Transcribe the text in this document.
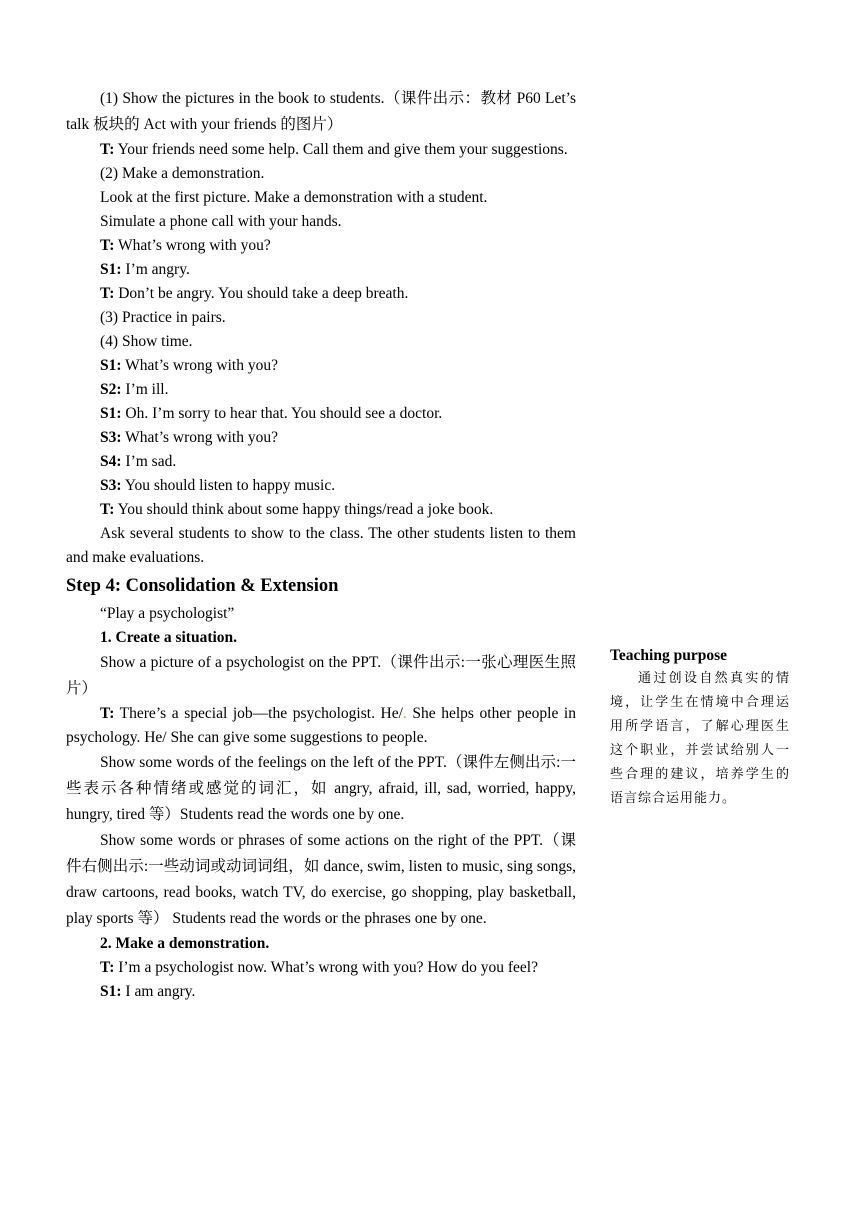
(1) Show the pictures in the book to students.（课件出示：教材 P60 Let’s talk 板块的 Act with your friends 的图片）

T: Your friends need some help. Call them and give them your suggestions.

(2) Make a demonstration.

Look at the first picture. Make a demonstration with a student.

Simulate a phone call with your hands.

T: What’s wrong with you?

S1: I’m angry.

T: Don’t be angry. You should take a deep breath.

(3) Practice in pairs.

(4) Show time.

S1: What’s wrong with you?

S2: I’m ill.

S1: Oh. I’m sorry to hear that. You should see a doctor.

S3: What’s wrong with you?

S4: I’m sad.

S3: You should listen to happy music.

T: You should think about some happy things/read a joke book.

Ask several students to show to the class. The other students listen to them and make evaluations.

Step 4: Consolidation & Extension

“Play a psychologist”

1. Create a situation.

Show a picture of a psychologist on the PPT.（课件出示:一张心理医生照片）

T: There’s a special job—the psychologist. He/. She helps other people in psychology. He/ She can give some suggestions to people.

Show some words of the feelings on the left of the PPT.（课件左侧出示:一些表示各种情绪或感觉的词汇，如 angry, afraid, ill, sad, worried, happy, hungry, tired 等）Students read the words one by one.

Show some words or phrases of some actions on the right of the PPT.（课件右侧出示:一些动词或动词词组，如 dance, swim, listen to music, sing songs, draw cartoons, read books, watch TV, do exercise, go shopping, play basketball, play sports 等） Students read the words or the phrases one by one.

2. Make a demonstration.

T: I’m a psychologist now. What’s wrong with you? How do you feel?

S1: I am angry.

Teaching purpose

通过创设自然真实的情境，让学生在情境中合理运用所学语言，了解心理医生这个职业，并尝试给别人一些合理的建议，培养学生的语言综合运用能力。
